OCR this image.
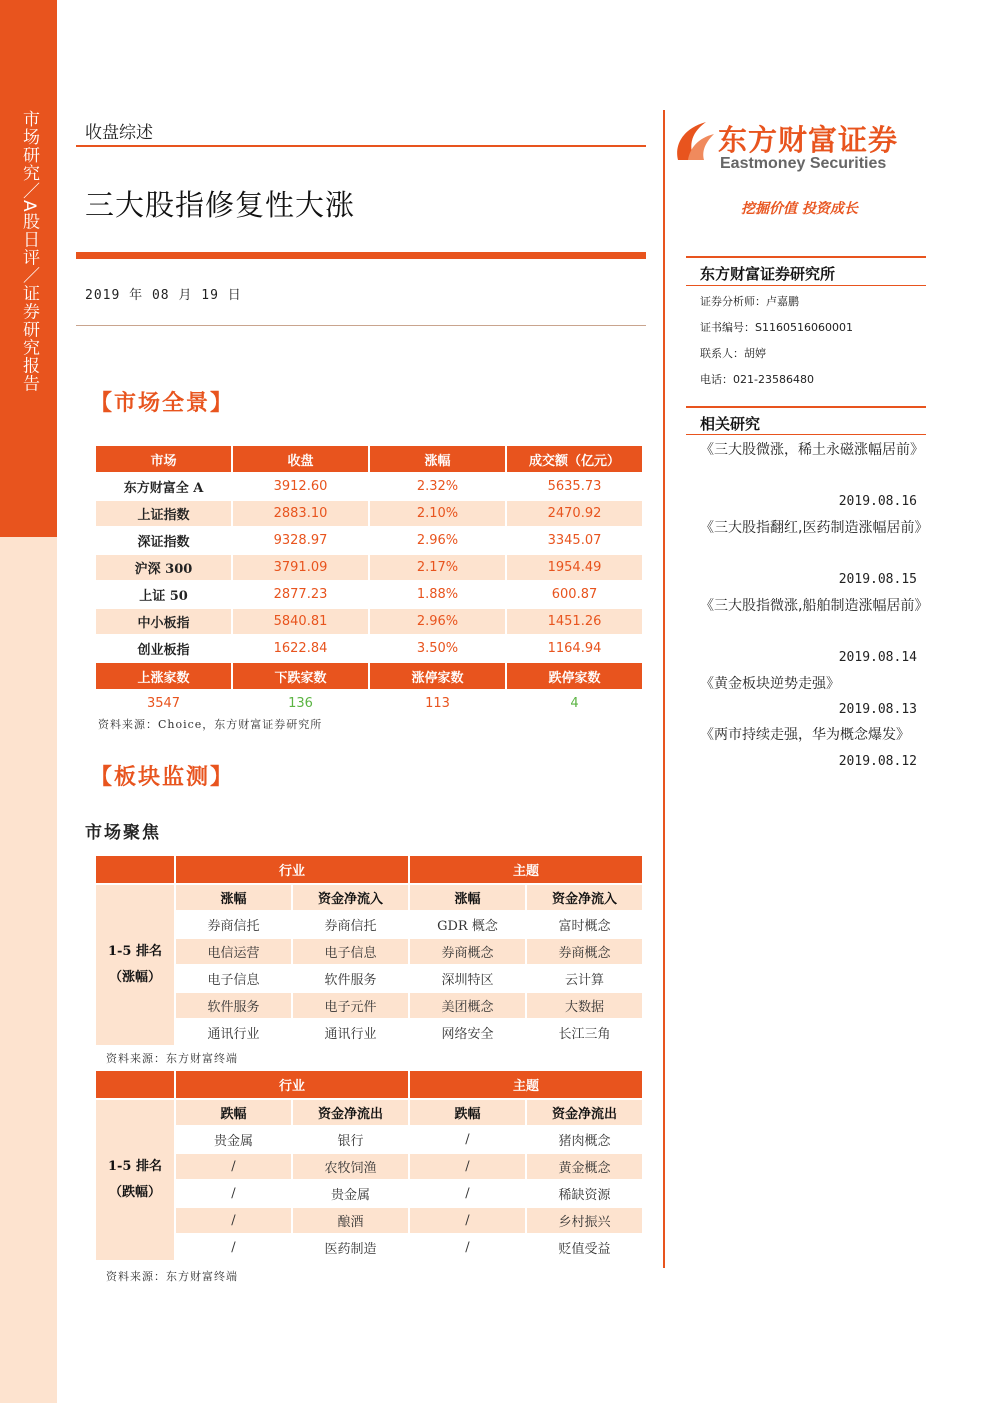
市场研究／A股日评／证券研究报告	收盘综述
三大股指修复性大涨
2019 年 08 月 19 日
【市场全景】
市场	收盘	涨幅	成交额（亿元）
东方财富全 A	3912.60	2.32%	5635.73
上证指数	2883.10	2.10%	2470.92
深证指数	9328.97	2.96%	3345.07
沪深 300	3791.09	2.17%	1954.49
上证 50	2877.23	1.88%	600.87
中小板指	5840.81	2.96%	1451.26
创业板指	1622.84	3.50%	1164.94
上涨家数	下跌家数	涨停家数	跌停家数
3547	136	113	4
资料来源：Choice，东方财富证券研究所
【板块监测】
市场聚焦
	行业		主题	

1-5 排名
（涨幅）	涨幅	资金净流入	涨幅	资金净流入
	券商信托	券商信托	GDR 概念	富时概念
	电信运营	电子信息	券商概念	券商概念
	电子信息	软件服务	深圳特区	云计算
	软件服务	电子元件	美团概念	大数据
	通讯行业	通讯行业	网络安全	长江三角
资料来源：东方财富终端
	行业		主题	

1-5 排名
（跌幅）	跌幅	资金净流出	跌幅	资金净流出
	贵金属	银行	/	猪肉概念
	/	农牧饲渔	/	黄金概念
	/	贵金属	/	稀缺资源
	/	酿酒	/	乡村振兴
	/	医药制造	/	贬值受益
资料来源：东方财富终端
东方财富证券
Eastmoney Securities
挖掘价值 投资成长
东方财富证券研究所
证券分析师：卢嘉鹏
证书编号：S1160516060001
联系人：胡婷
电话：021-23586480
相关研究
《三大股微涨，稀土永磁涨幅居前》
2019.08.16
《三大股指翻红,医药制造涨幅居前》
2019.08.15
《三大股指微涨,船舶制造涨幅居前》
2019.08.14
《黄金板块逆势走强》
2019.08.13
《两市持续走强，华为概念爆发》
2019.08.12
